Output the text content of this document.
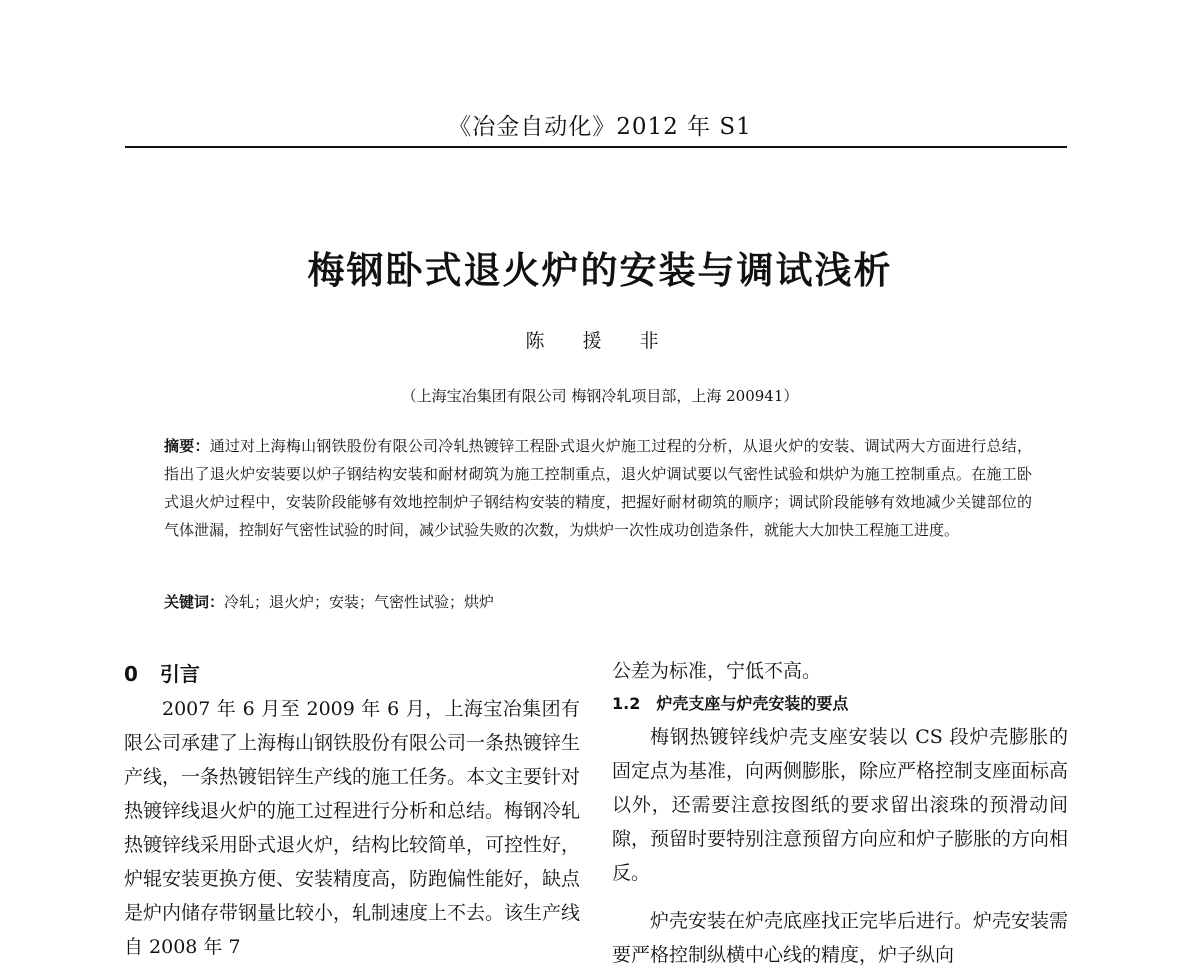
《冶金自动化》2012 年 S1
梅钢卧式退火炉的安装与调试浅析
陈 援 非
（上海宝冶集团有限公司 梅钢冷轧项目部，上海 200941）
摘要：通过对上海梅山钢铁股份有限公司冷轧热镀锌工程卧式退火炉施工过程的分析，从退火炉的安装、调试两大方面进行总结，指出了退火炉安装要以炉子钢结构安装和耐材砌筑为施工控制重点，退火炉调试要以气密性试验和烘炉为施工控制重点。在施工卧式退火炉过程中，安装阶段能够有效地控制炉子钢结构安装的精度，把握好耐材砌筑的顺序；调试阶段能够有效地减少关键部位的气体泄漏，控制好气密性试验的时间，减少试验失败的次数，为烘炉一次性成功创造条件，就能大大加快工程施工进度。
关键词：冷轧；退火炉；安装；气密性试验；烘炉
0 引言

2007 年 6 月至 2009 年 6 月，上海宝冶集团有限公司承建了上海梅山钢铁股份有限公司一条热镀锌生产线，一条热镀铝锌生产线的施工任务。本文主要针对热镀锌线退火炉的施工过程进行分析和总结。梅钢冷轧热镀锌线采用卧式退火炉，结构比较简单，可控性好，炉辊安装更换方便、安装精度高，防跑偏性能好，缺点是炉内储存带钢量比较小，轧制速度上不去。该生产线自 2008 年 7

公差为标准，宁低不高。

1.2 炉壳支座与炉壳安装的要点

梅钢热镀锌线炉壳支座安装以 CS 段炉壳膨胀的固定点为基准，向两侧膨胀，除应严格控制支座面标高以外，还需要注意按图纸的要求留出滚珠的预滑动间隙，预留时要特别注意预留方向应和炉子膨胀的方向相反。

炉壳安装在炉壳底座找正完毕后进行。炉壳安装需要严格控制纵横中心线的精度，炉子纵向
